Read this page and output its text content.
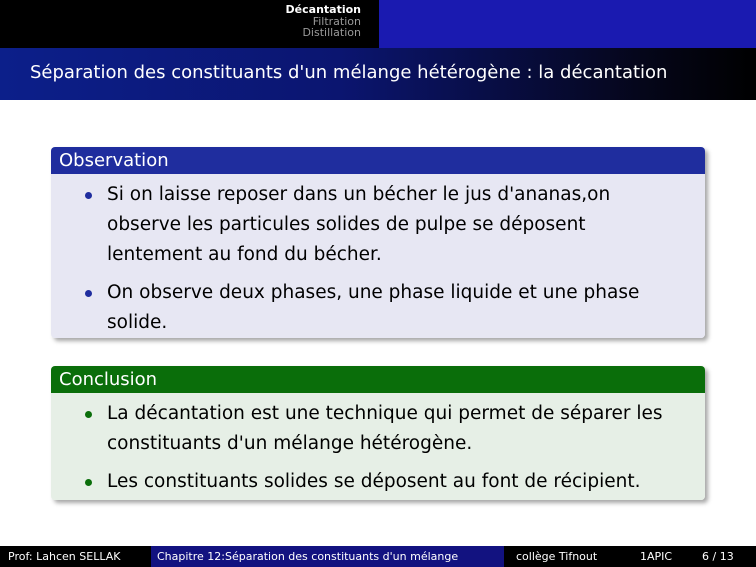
Décantation
Filtration
Distillation
Séparation des constituants d'un mélange hétérogène : la décantation
Observation
Si on laisse reposer dans un bécher le jus d'ananas,on observe les particules solides de pulpe se déposent lentement au fond du bécher.
On observe deux phases, une phase liquide et une phase solide.
Conclusion
La décantation est une technique qui permet de séparer les constituants d'un mélange hétérogène.
Les constituants solides se déposent au font de récipient.
Prof: Lahcen SELLAK	Chapitre 12:Séparation des constituants d'un mélange	collège Tifnout	1APIC	6 / 13
